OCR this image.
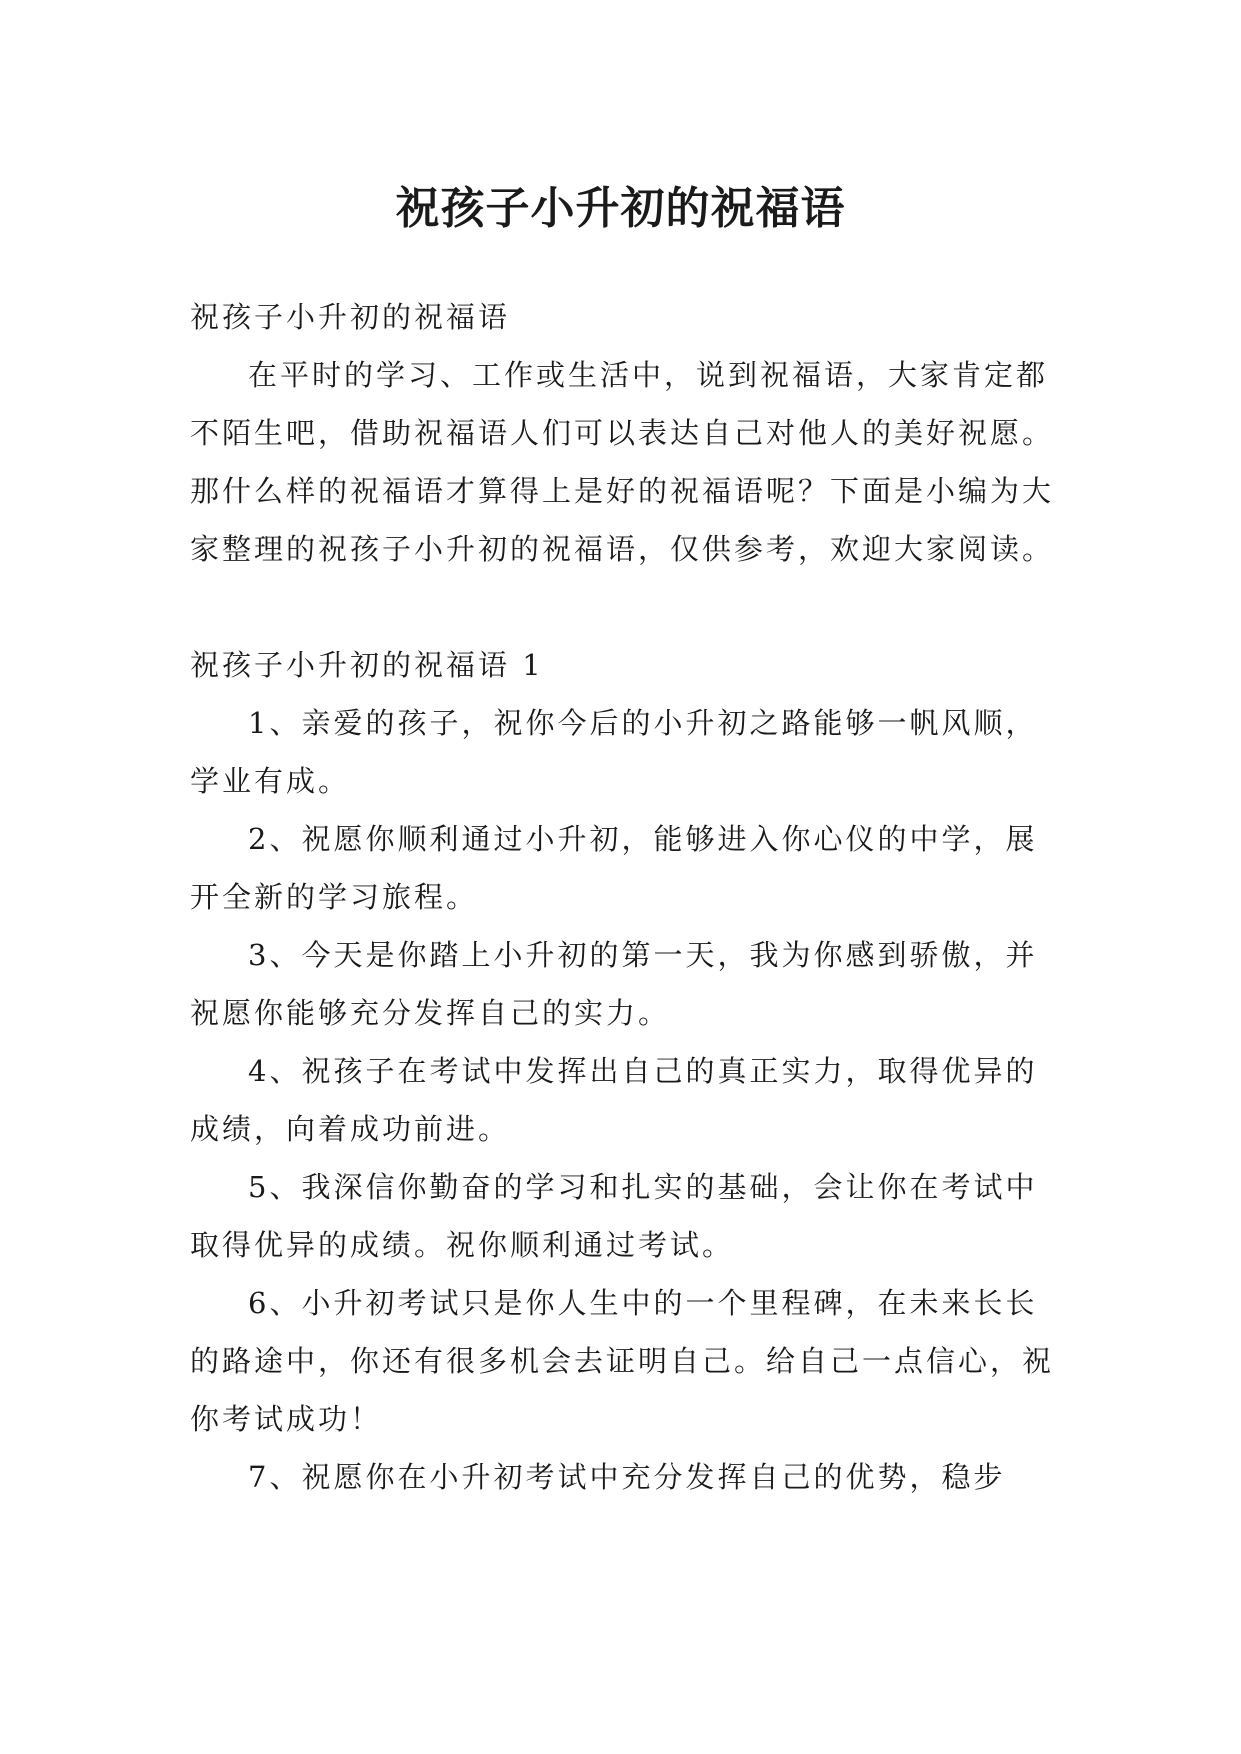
祝孩子小升初的祝福语

祝孩子小升初的祝福语

在平时的学习、工作或生活中，说到祝福语，大家肯定都不陌生吧，借助祝福语人们可以表达自己对他人的美好祝愿。那什么样的祝福语才算得上是好的祝福语呢？下面是小编为大家整理的祝孩子小升初的祝福语，仅供参考，欢迎大家阅读。

祝孩子小升初的祝福语 1

1、亲爱的孩子，祝你今后的小升初之路能够一帆风顺，学业有成。

2、祝愿你顺利通过小升初，能够进入你心仪的中学，展开全新的学习旅程。

3、今天是你踏上小升初的第一天，我为你感到骄傲，并祝愿你能够充分发挥自己的实力。

4、祝孩子在考试中发挥出自己的真正实力，取得优异的成绩，向着成功前进。

5、我深信你勤奋的学习和扎实的基础，会让你在考试中取得优异的成绩。祝你顺利通过考试。

6、小升初考试只是你人生中的一个里程碑，在未来长长的路途中，你还有很多机会去证明自己。给自己一点信心，祝你考试成功！

7、祝愿你在小升初考试中充分发挥自己的优势，稳步
